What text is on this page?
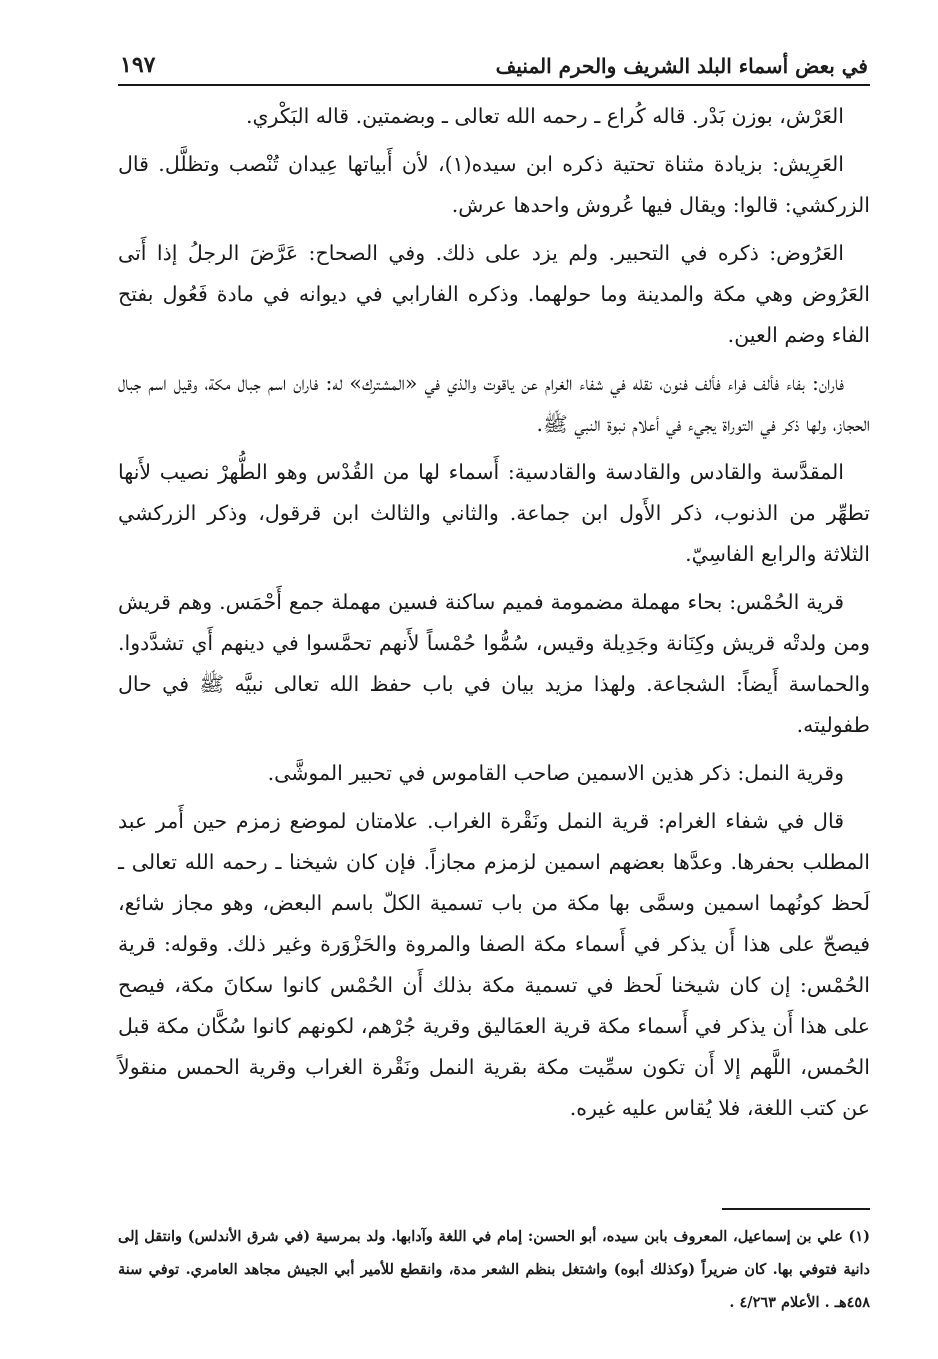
في بعض أسماء البلد الشريف والحرم المنيف
١٩٧

العَرْش، بوزن بَدْر. قاله كُراع ـ رحمه الله تعالى ـ وبضمتين. قاله البَكْري.

العَرِيش: بزيادة مثناة تحتية ذكره ابن سيده(١)، لأن أَبياتها عِيدان تُنْصب وتظلَّل. قال الزركشي: قالوا: ويقال فيها عُروش واحدها عرش.

العَرُوض: ذكره في التحبير. ولم يزد على ذلك. وفي الصحاح: عَرَّضَ الرجلُ إذا أَتى العَرُوض وهي مكة والمدينة وما حولهما. وذكره الفارابي في ديوانه في مادة فَعُول بفتح الفاء وضم العين.

فاران: بفاء فألف فراء فألف فنون، نقله في شفاء الغرام عن ياقوت والذي في «المشترك» له: فاران اسم جبال مكة، وقيل اسم جبال الحجاز، ولها ذكر في التوراة يجيء في أعلام نبوة النبي ﷺ.

المقدَّسة والقادس والقادسة والقادسية: أَسماء لها من القُدْس وهو الطُّهرْ نصيب لأَنها تطهِّر من الذنوب، ذكر الأَول ابن جماعة. والثاني والثالث ابن قرقول، وذكر الزركشي الثلاثة والرابع الفاسِيّ.

قرية الحُمْس: بحاء مهملة مضمومة فميم ساكنة فسين مهملة جمع أَحْمَس. وهم قريش ومن ولدتْه قريش وكِنَانة وجَدِيلة وقيس، سُمُّوا حُمْساً لأَنهم تحمَّسوا في دينهم أَي تشدَّدوا. والحماسة أَيضاً: الشجاعة. ولهذا مزيد بيان في باب حفظ الله تعالى نبيَّه ﷺ في حال طفوليته.

وقرية النمل: ذكر هذين الاسمين صاحب القاموس في تحبير الموشَّى.

قال في شفاء الغرام: قرية النمل ونَقْرة الغراب. علامتان لموضع زمزم حين أَمر عبد المطلب بحفرها. وعدَّها بعضهم اسمين لزمزم مجازاً. فإن كان شيخنا ـ رحمه الله تعالى ـ لَحظ كونُهما اسمين وسمَّى بها مكة من باب تسمية الكلّ باسم البعض، وهو مجاز شائع، فيصحّ على هذا أَن يذكر في أَسماء مكة الصفا والمروة والحَزْوَرة وغير ذلك. وقوله: قرية الحُمْس: إن كان شيخنا لَحظ في تسمية مكة بذلك أَن الحُمْس كانوا سكانَ مكة، فيصح على هذا أَن يذكر في أَسماء مكة قرية العمَاليق وقرية جُرْهم، لكونهم كانوا سُكَّان مكة قبل الحُمس، اللَّهم إلا أَن تكون سمِّيت مكة بقرية النمل ونَقْرة الغراب وقرية الحمس منقولاً عن كتب اللغة، فلا يُقاس عليه غيره.

(١) علي بن إسماعيل، المعروف بابن سيده، أبو الحسن: إمام في اللغة وآدابها. ولد بمرسية (في شرق الأندلس) وانتقل إلى دانية فتوفي بها. كان ضريراً (وكذلك أبوه) واشتغل بنظم الشعر مدة، وانقطع للأمير أبي الجيش مجاهد العامري. توفي سنة ٤٥٨هـ . الأعلام ٤/٢٦٣ .
